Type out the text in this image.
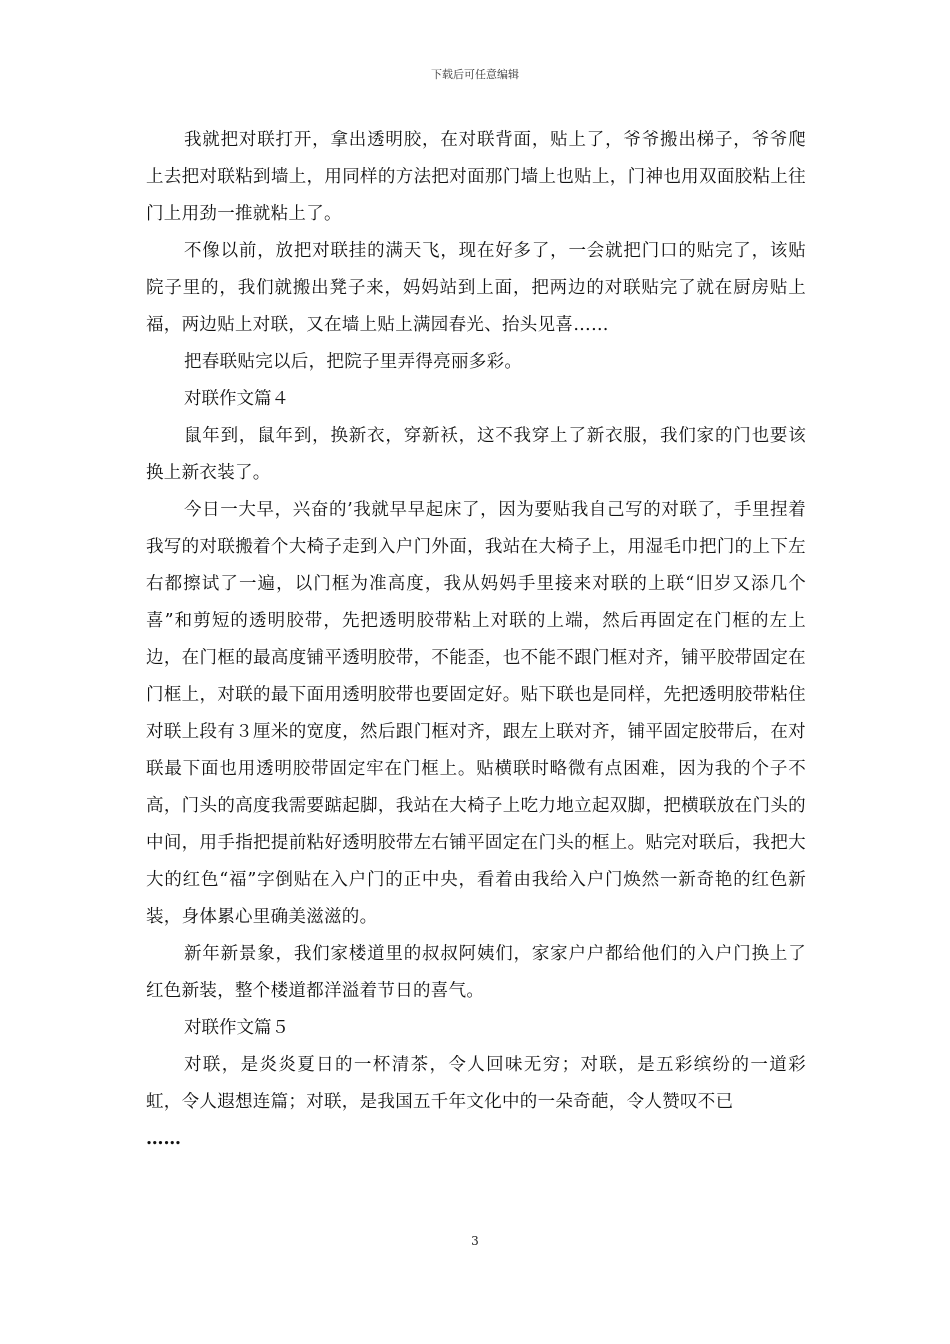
下载后可任意编辑

我就把对联打开，拿出透明胶，在对联背面，贴上了，爷爷搬出梯子，爷爷爬上去把对联粘到墙上，用同样的方法把对面那门墙上也贴上，门神也用双面胶粘上往门上用劲一推就粘上了。

不像以前，放把对联挂的满天飞，现在好多了，一会就把门口的贴完了，该贴院子里的，我们就搬出凳子来，妈妈站到上面，把两边的对联贴完了就在厨房贴上福，两边贴上对联，又在墙上贴上满园春光、抬头见喜……

把春联贴完以后，把院子里弄得亮丽多彩。

对联作文篇４

鼠年到，鼠年到，换新衣，穿新袄，这不我穿上了新衣服，我们家的门也要该换上新衣装了。

今日一大早，兴奋的’我就早早起床了，因为要贴我自己写的对联了，手里捏着我写的对联搬着个大椅子走到入户门外面，我站在大椅子上，用湿毛巾把门的上下左右都擦试了一遍，以门框为准高度，我从妈妈手里接来对联的上联“旧岁又添几个喜”和剪短的透明胶带，先把透明胶带粘上对联的上端，然后再固定在门框的左上边，在门框的最高度铺平透明胶带，不能歪，也不能不跟门框对齐，铺平胶带固定在门框上，对联的最下面用透明胶带也要固定好。贴下联也是同样，先把透明胶带粘住对联上段有３厘米的宽度，然后跟门框对齐，跟左上联对齐，铺平固定胶带后，在对联最下面也用透明胶带固定牢在门框上。贴横联时略微有点困难，因为我的个子不高，门头的高度我需要踮起脚，我站在大椅子上吃力地立起双脚，把横联放在门头的中间，用手指把提前粘好透明胶带左右铺平固定在门头的框上。贴完对联后，我把大大的红色“福”字倒贴在入户门的正中央，看着由我给入户门焕然一新奇艳的红色新装，身体累心里确美滋滋的。

新年新景象，我们家楼道里的叔叔阿姨们，家家户户都给他们的入户门换上了红色新装，整个楼道都洋溢着节日的喜气。

对联作文篇５

对联，是炎炎夏日的一杯清茶，令人回味无穷；对联，是五彩缤纷的一道彩虹，令人遐想连篇；对联，是我国五千年文化中的一朵奇葩，令人赞叹不已

……

3
